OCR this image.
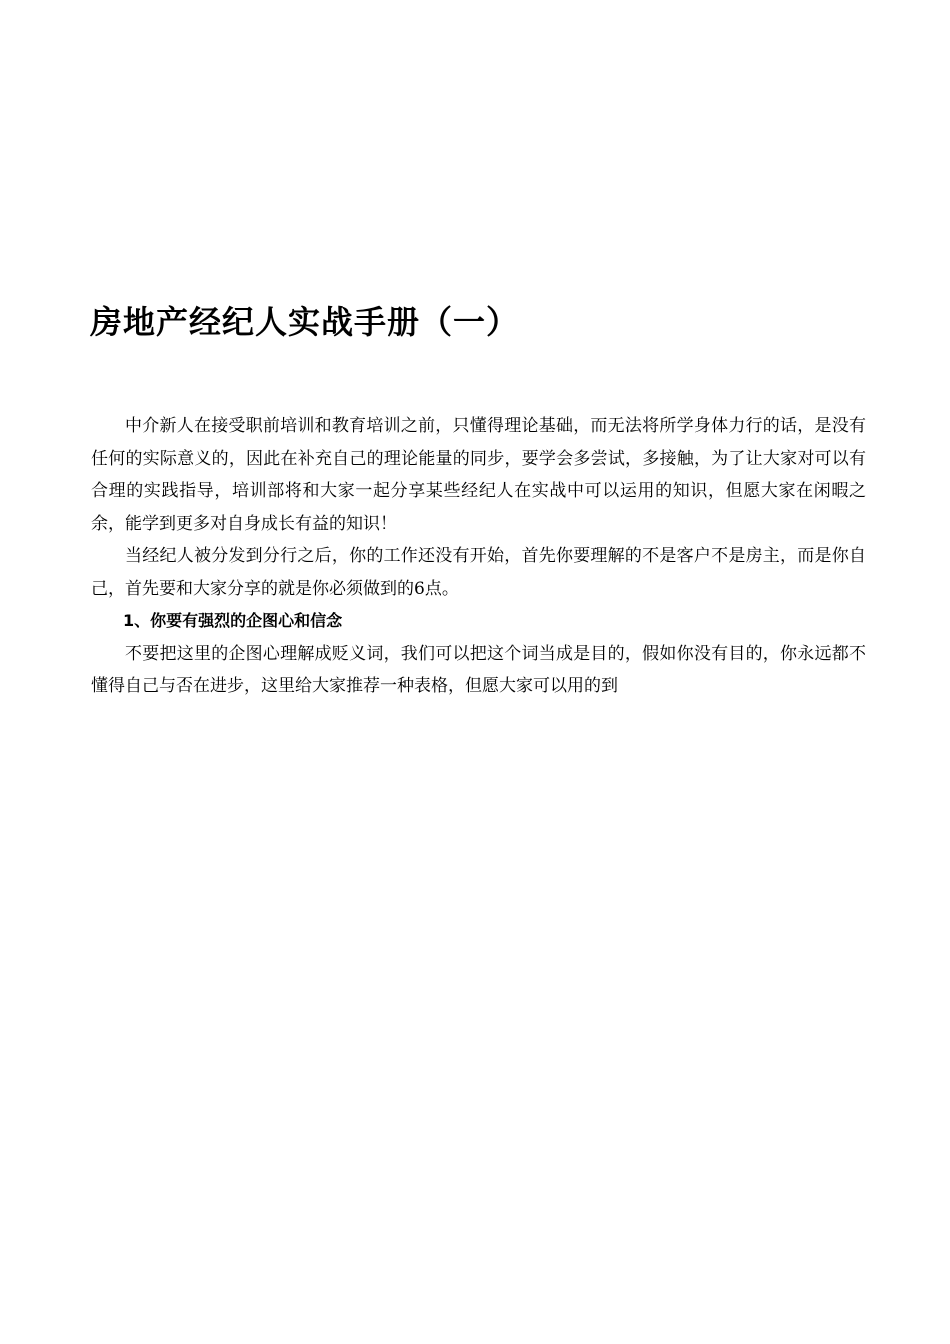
房地产经纪人实战手册（一）

中介新人在接受职前培训和教育培训之前，只懂得理论基础，而无法将所学身体力行的话，是没有任何的实际意义的，因此在补充自己的理论能量的同步，要学会多尝试，多接触，为了让大家对可以有合理的实践指导，培训部将和大家一起分享某些经纪人在实战中可以运用的知识，但愿大家在闲暇之余，能学到更多对自身成长有益的知识！

当经纪人被分发到分行之后，你的工作还没有开始，首先你要理解的不是客户不是房主，而是你自己，首先要和大家分享的就是你必须做到的6点。

1、你要有强烈的企图心和信念

不要把这里的企图心理解成贬义词，我们可以把这个词当成是目的，假如你没有目的，你永远都不懂得自己与否在进步，这里给大家推荐一种表格，但愿大家可以用的到
